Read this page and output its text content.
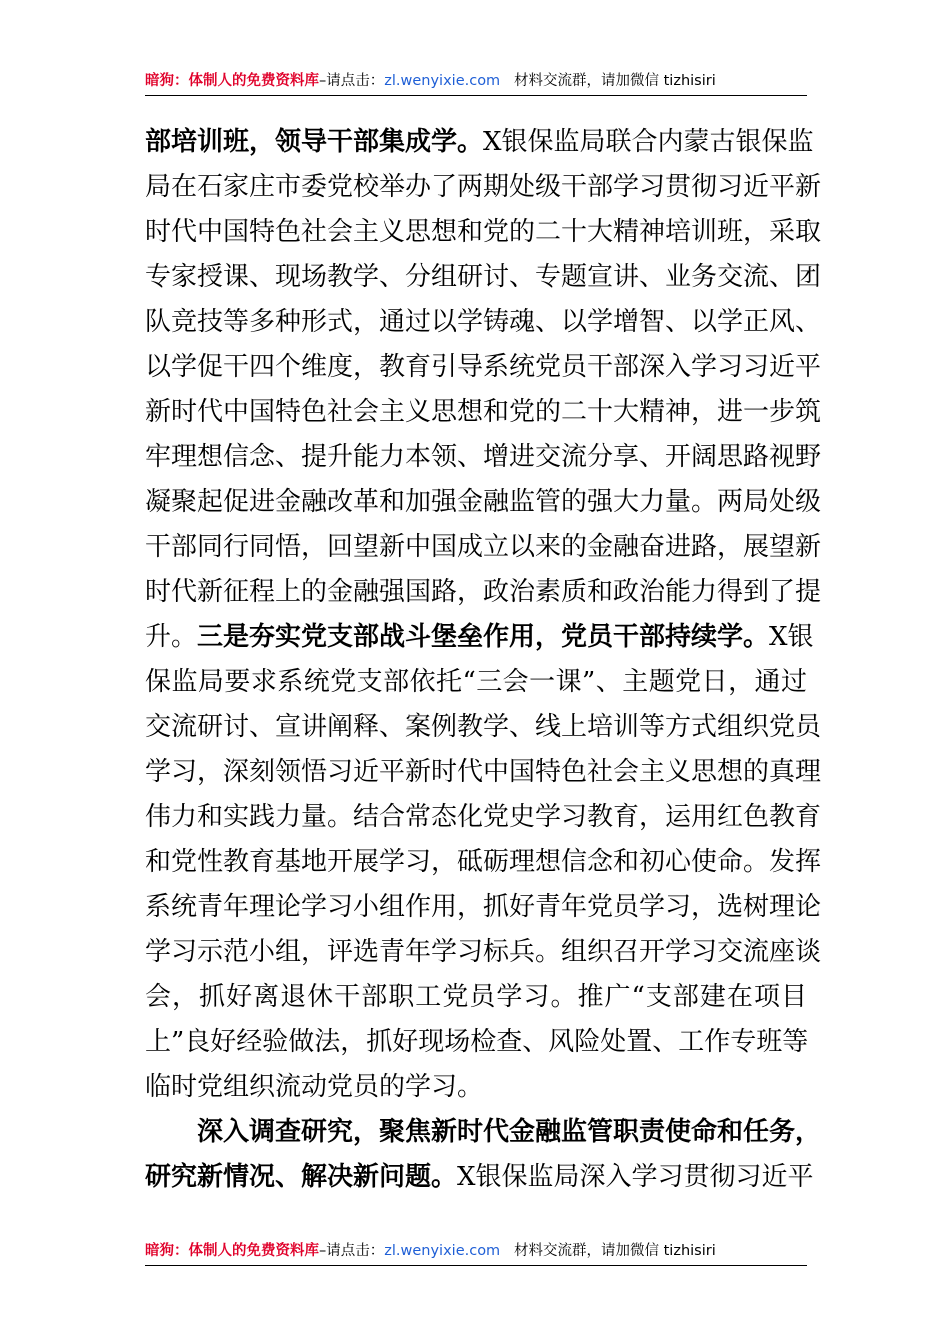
暗狗：体制人的免费资料库–请点击：zl.wenyixie.com 材料交流群，请加微信 tizhisiri
部培训班，领导干部集成学。X银保监局联合内蒙古银保监
局在石家庄市委党校举办了两期处级干部学习贯彻习近平新
时代中国特色社会主义思想和党的二十大精神培训班，采取
专家授课、现场教学、分组研讨、专题宣讲、业务交流、团
队竞技等多种形式，通过以学铸魂、以学增智、以学正风、
以学促干四个维度，教育引导系统党员干部深入学习习近平
新时代中国特色社会主义思想和党的二十大精神，进一步筑
牢理想信念、提升能力本领、增进交流分享、开阔思路视野
凝聚起促进金融改革和加强金融监管的强大力量。两局处级
干部同行同悟，回望新中国成立以来的金融奋进路，展望新
时代新征程上的金融强国路，政治素质和政治能力得到了提
升。三是夯实党支部战斗堡垒作用，党员干部持续学。X银
保监局要求系统党支部依托“三会一课”、主题党日，通过
交流研讨、宣讲阐释、案例教学、线上培训等方式组织党员
学习，深刻领悟习近平新时代中国特色社会主义思想的真理
伟力和实践力量。结合常态化党史学习教育，运用红色教育
和党性教育基地开展学习，砥砺理想信念和初心使命。发挥
系统青年理论学习小组作用，抓好青年党员学习，选树理论
学习示范小组，评选青年学习标兵。组织召开学习交流座谈
会，抓好离退休干部职工党员学习。推广“支部建在项目
上”良好经验做法，抓好现场检查、风险处置、工作专班等
临时党组织流动党员的学习。
深入调查研究，聚焦新时代金融监管职责使命和任务，
研究新情况、解决新问题。X银保监局深入学习贯彻习近平
暗狗：体制人的免费资料库–请点击：zl.wenyixie.com 材料交流群，请加微信 tizhisiri
